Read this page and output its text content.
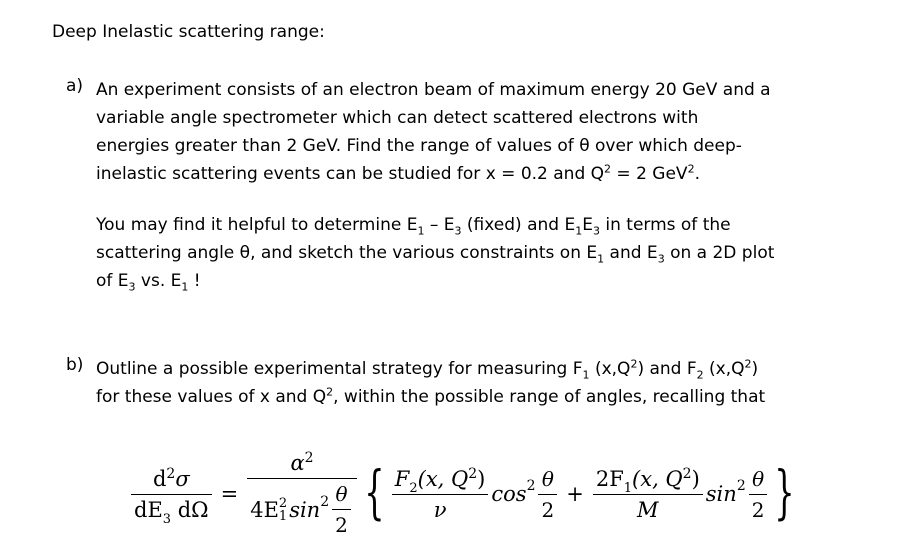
Deep Inelastic scattering range:
a) An experiment consists of an electron beam of maximum energy 20 GeV and a

variable angle spectrometer which can detect scattered electrons with

energies greater than 2 GeV. Find the range of values of θ over which deep-

inelastic scattering events can be studied for x = 0.2 and $Q^2 = 2$ GeV$^2$.

You may find it helpful to determine $E_1 - E_3$ (fixed) and $E_1E_3$ in terms of the

scattering angle θ, and sketch the various constraints on $E_1$ and $E_3$ on a 2D plot

of $E_3$ vs. $E_1$ !

b) Outline a possible experimental strategy for measuring $F_1$ $(x,Q^2)$ and $F_2$ $(x,Q^2)$

for these values of x and $Q^2$, within the possible range of angles, recalling that

$\frac{d^2\sigma}{dE_3 d\Omega} = \alpha^2$
4E 2
1 $\sin 2 \frac{\theta}{2}$ { $\frac{F_2(x, Q^2)}{\nu}$ $\cos 2 \frac{\theta}{2} + \frac{2F_1(x, Q^2)}{M}$ $\sin 2 \frac{\theta}{2}$ }
